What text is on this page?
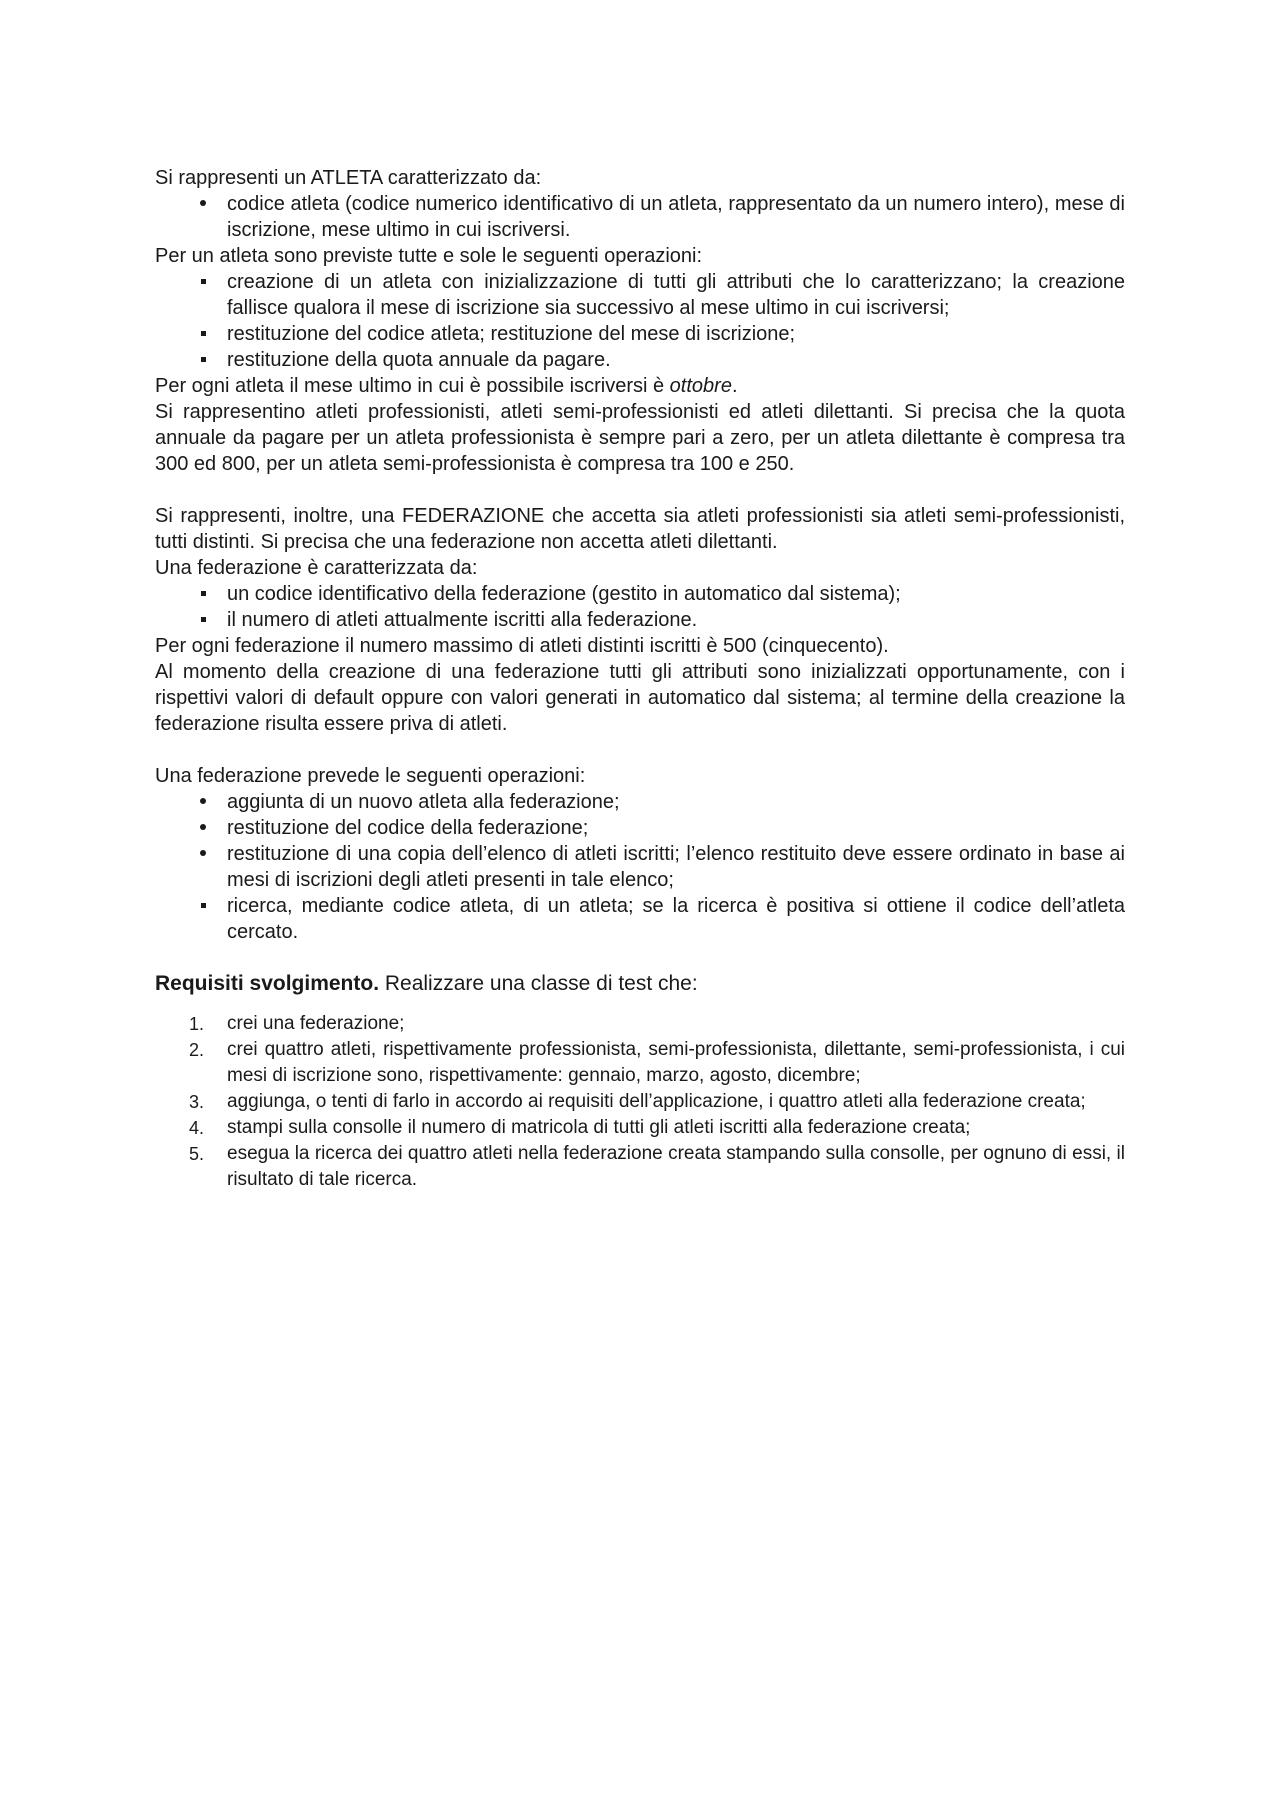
Si rappresenti un ATLETA caratterizzato da:

codice atleta (codice numerico identificativo di un atleta, rappresentato da un numero intero), mese di iscrizione, mese ultimo in cui iscriversi.

Per un atleta sono previste tutte e sole le seguenti operazioni:

creazione di un atleta con inizializzazione di tutti gli attributi che lo caratterizzano; la creazione fallisce qualora il mese di iscrizione sia successivo al mese ultimo in cui iscriversi;
restituzione del codice atleta; restituzione del mese di iscrizione;
restituzione della quota annuale da pagare.

Per ogni atleta il mese ultimo in cui è possibile iscriversi è ottobre.

Si rappresentino atleti professionisti, atleti semi-professionisti ed atleti dilettanti. Si precisa che la quota annuale da pagare per un atleta professionista è sempre pari a zero, per un atleta dilettante è compresa tra 300 ed 800, per un atleta semi-professionista è compresa tra 100 e 250.

Si rappresenti, inoltre, una FEDERAZIONE che accetta sia atleti professionisti sia atleti semi-professionisti, tutti distinti. Si precisa che una federazione non accetta atleti dilettanti.

Una federazione è caratterizzata da:

un codice identificativo della federazione (gestito in automatico dal sistema);
il numero di atleti attualmente iscritti alla federazione.

Per ogni federazione il numero massimo di atleti distinti iscritti è 500 (cinquecento).

Al momento della creazione di una federazione tutti gli attributi sono inizializzati opportunamente, con i rispettivi valori di default oppure con valori generati in automatico dal sistema; al termine della creazione la federazione risulta essere priva di atleti.

Una federazione prevede le seguenti operazioni:

aggiunta di un nuovo atleta alla federazione;
restituzione del codice della federazione;
restituzione di una copia dell’elenco di atleti iscritti; l’elenco restituito deve essere ordinato in base ai mesi di iscrizioni degli atleti presenti in tale elenco;
ricerca, mediante codice atleta, di un atleta; se la ricerca è positiva si ottiene il codice dell’atleta cercato.

Requisiti svolgimento. Realizzare una classe di test che:

1.	crei una federazione;
2.	crei quattro atleti, rispettivamente professionista, semi-professionista, dilettante, semi-professionista, i cui mesi di iscrizione sono, rispettivamente: gennaio, marzo, agosto, dicembre;
3.	aggiunga, o tenti di farlo in accordo ai requisiti dell’applicazione, i quattro atleti alla federazione creata;
4.	stampi sulla consolle il numero di matricola di tutti gli atleti iscritti alla federazione creata;
5.	esegua la ricerca dei quattro atleti nella federazione creata stampando sulla consolle, per ognuno di essi, il risultato di tale ricerca.
